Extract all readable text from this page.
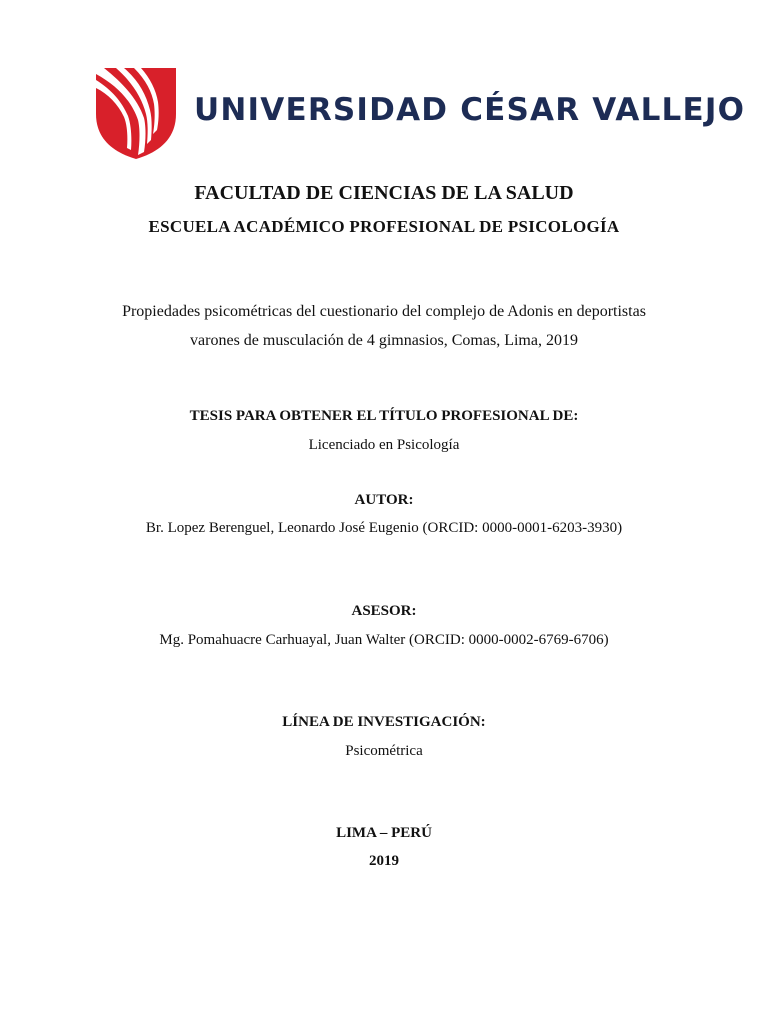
UNIVERSIDAD CÉSAR VALLEJO
FACULTAD DE CIENCIAS DE LA SALUD
ESCUELA ACADÉMICO PROFESIONAL DE PSICOLOGÍA
Propiedades psicométricas del cuestionario del complejo de Adonis en deportistas
varones de musculación de 4 gimnasios, Comas, Lima, 2019
TESIS PARA OBTENER EL TÍTULO PROFESIONAL DE:
Licenciado en Psicología
AUTOR:
Br. Lopez Berenguel, Leonardo José Eugenio (ORCID: 0000-0001-6203-3930)
ASESOR:
Mg. Pomahuacre Carhuayal, Juan Walter (ORCID: 0000-0002-6769-6706)
LÍNEA DE INVESTIGACIÓN:
Psicométrica
LIMA – PERÚ
2019
